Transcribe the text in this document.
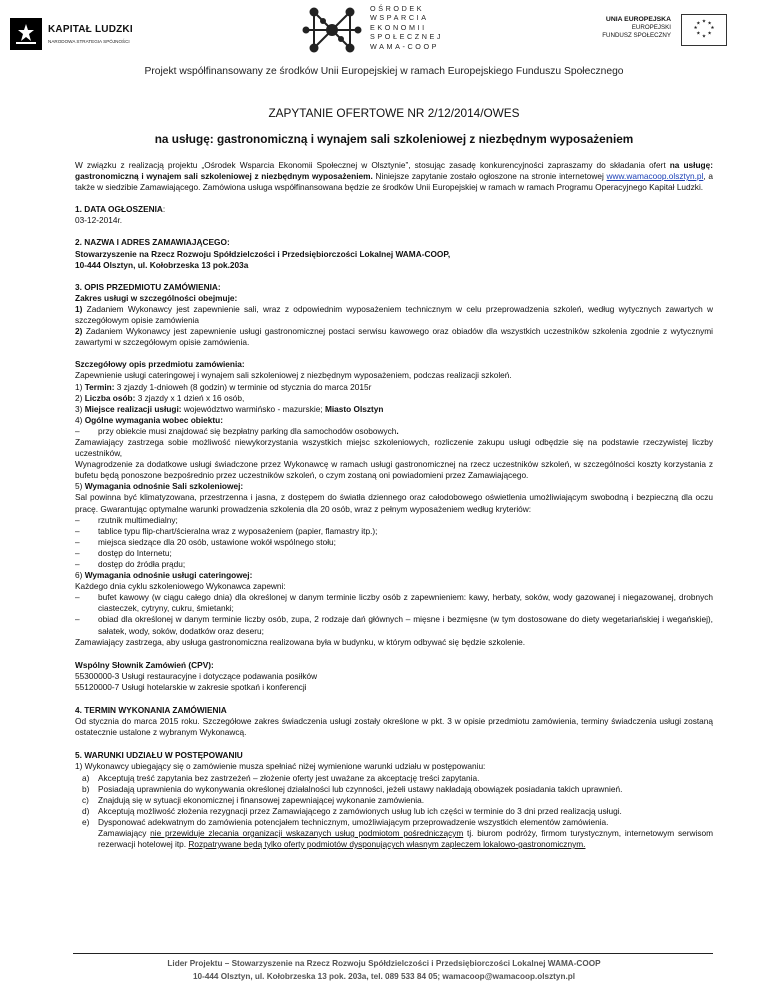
KAPITAŁ LUDZKI
NARODOWA STRATEGIA SPÓJNOŚCI
OŚRODEK
WSPARCIA
EKONOMII
SPOŁECZNEJ
WAMA-COOP
UNIA EUROPEJSKA
EUROPEJSKI
FUNDUSZ SPOŁECZNY
★ ★
★
★
★
★
★
★
Projekt współfinansowany ze środków Unii Europejskiej w ramach Europejskiego Funduszu Społecznego
ZAPYTANIE OFERTOWE NR 2/12/2014/OWES
na usługę: gastronomiczną i wynajem sali szkoleniowej z niezbędnym wyposażeniem

W związku z realizacją projektu „Ośrodek Wsparcia Ekonomii Społecznej w Olsztynie”, stosując zasadę konkurencyjności zapraszamy do składania ofert na usługę: gastronomiczną i wynajem sali szkoleniowej z niezbędnym wyposażeniem. Niniejsze zapytanie zostało ogłoszone na stronie internetowej www.wamacoop.olsztyn.pl, a także w siedzibie Zamawiającego. Zamówiona usługa współfinansowana będzie ze środków Unii Europejskiej w ramach w ramach Programu Operacyjnego Kapitał Ludzki.

1. DATA OGŁOSZENIA:

03-12-2014r.

2. NAZWA I ADRES ZAMAWIAJĄCEGO:

Stowarzyszenie na Rzecz Rozwoju Spółdzielczości i Przedsiębiorczości Lokalnej WAMA-COOP,

10-444 Olsztyn, ul. Kołobrzeska 13 pok.203a

3. OPIS PRZEDMIOTU ZAMÓWIENIA:

Zakres usługi w szczególności obejmuje:

1) Zadaniem Wykonawcy jest zapewnienie sali, wraz z odpowiednim wyposażeniem technicznym w celu przeprowadzenia szkoleń, według wytycznych zawartych w szczegółowym opisie zamówienia

2) Zadaniem Wykonawcy jest zapewnienie usługi gastronomicznej postaci serwisu kawowego oraz obiadów dla wszystkich uczestników szkolenia zgodnie z wytycznymi zawartymi w szczegółowym opisie zamówienia.

Szczegółowy opis przedmiotu zamówienia:

Zapewnienie usługi cateringowej i wynajem sali szkoleniowej z niezbędnym wyposażeniem, podczas realizacji szkoleń.

1) Termin: 3 zjazdy 1-dnioweh (8 godzin) w terminie od stycznia do marca 2015r

2) Liczba osób: 3 zjazdy x 1 dzień x 16 osób,

3) Miejsce realizacji usługi: województwo warmińsko - mazurskie; Miasto Olsztyn

4) Ogólne wymagania wobec obiektu:

– przy obiekcie musi znajdować się bezpłatny parking dla samochodów osobowych.

Zamawiający zastrzega sobie możliwość niewykorzystania wszystkich miejsc szkoleniowych, rozliczenie zakupu usługi odbędzie się na podstawie rzeczywistej liczby uczestników,

Wynagrodzenie za dodatkowe usługi świadczone przez Wykonawcę w ramach usługi gastronomicznej na rzecz uczestników szkoleń, w szczególności koszty korzystania z bufetu będą ponoszone bezpośrednio przez uczestników szkoleń, o czym zostaną oni powiadomieni przez Zamawiającego.

5) Wymagania odnośnie Sali szkoleniowej:

Sal powinna być klimatyzowana, przestrzenna i jasna, z dostępem do światła dziennego oraz całodobowego oświetlenia umożliwiającym swobodną i bezpieczną dla oczu pracę. Gwarantując optymalne warunki prowadzenia szkolenia dla 20 osób, wraz z pełnym wyposażeniem według kryteriów:

– rzutnik multimedialny;
– tablice typu flip-chart/ścieralna wraz z wyposażeniem (papier, flamastry itp.);
– miejsca siedzące dla 20 osób, ustawione wokół wspólnego stołu;
– dostęp do Internetu;
– dostęp do źródła prądu;

6) Wymagania odnośnie usługi cateringowej:

Każdego dnia cyklu szkoleniowego Wykonawca zapewni:

– bufet kawowy (w ciągu całego dnia) dla określonej w danym terminie liczby osób z zapewnieniem: kawy, herbaty, soków, wody gazowanej i niegazowanej, drobnych ciasteczek, cytryny, cukru, śmietanki;
– obiad dla określonej w danym terminie liczby osób, zupa, 2 rodzaje dań głównych – mięsne i bezmięsne (w tym dostosowane do diety wegetariańskiej i wegańskiej), sałatek, wody, soków, dodatków oraz deseru;

Zamawiający zastrzega, aby usługa gastronomiczna realizowana była w budynku, w którym odbywać się będzie szkolenie.

Wspólny Słownik Zamówień (CPV):

55300000-3 Usługi restauracyjne i dotyczące podawania posiłków

55120000-7 Usługi hotelarskie w zakresie spotkań i konferencji

4. TERMIN WYKONANIA ZAMÓWIENIA

Od stycznia do marca 2015 roku. Szczegółowe zakres świadczenia usługi zostały określone w pkt. 3 w opisie przedmiotu zamówienia, terminy świadczenia usługi zostaną ostatecznie ustalone z wybranym Wykonawcą.

5. WARUNKI UDZIAŁU W POSTĘPOWANIU

1) Wykonawcy ubiegający się o zamówienie musza spełniać niżej wymienione warunki udziału w postępowaniu:

a) Akceptują treść zapytania bez zastrzeżeń – złożenie oferty jest uważane za akceptację treści zapytania.
b) Posiadają uprawnienia do wykonywania określonej działalności lub czynności, jeżeli ustawy nakładają obowiązek posiadania takich uprawnień.
c) Znajdują się w sytuacji ekonomicznej i finansowej zapewniającej wykonanie zamówienia.
d) Akceptują możliwość złożenia rezygnacji przez Zamawiającego z zamówionych usług lub ich części w terminie do 3 dni przed realizacją usługi.
e) Dysponować adekwatnym do zamówienia potencjałem technicznym, umożliwiającym przeprowadzenie wszystkich elementów zamówienia.

Zamawiający nie przewiduje zlecania organizacji wskazanych usług podmiotom pośredniczącym tj. biurom podróży, firmom turystycznym, internetowym serwisom rezerwacji hotelowej itp. Rozpatrywane będą tylko oferty podmiotów dysponujących własnym zapleczem lokalowo-gastronomicznym.

Lider Projektu – Stowarzyszenie na Rzecz Rozwoju Spółdzielczości i Przedsiębiorczości Lokalnej WAMA-COOP
10-444 Olsztyn, ul. Kołobrzeska 13 pok. 203a, tel. 089 533 84 05; wamacoop@wamacoop.olsztyn.pl
